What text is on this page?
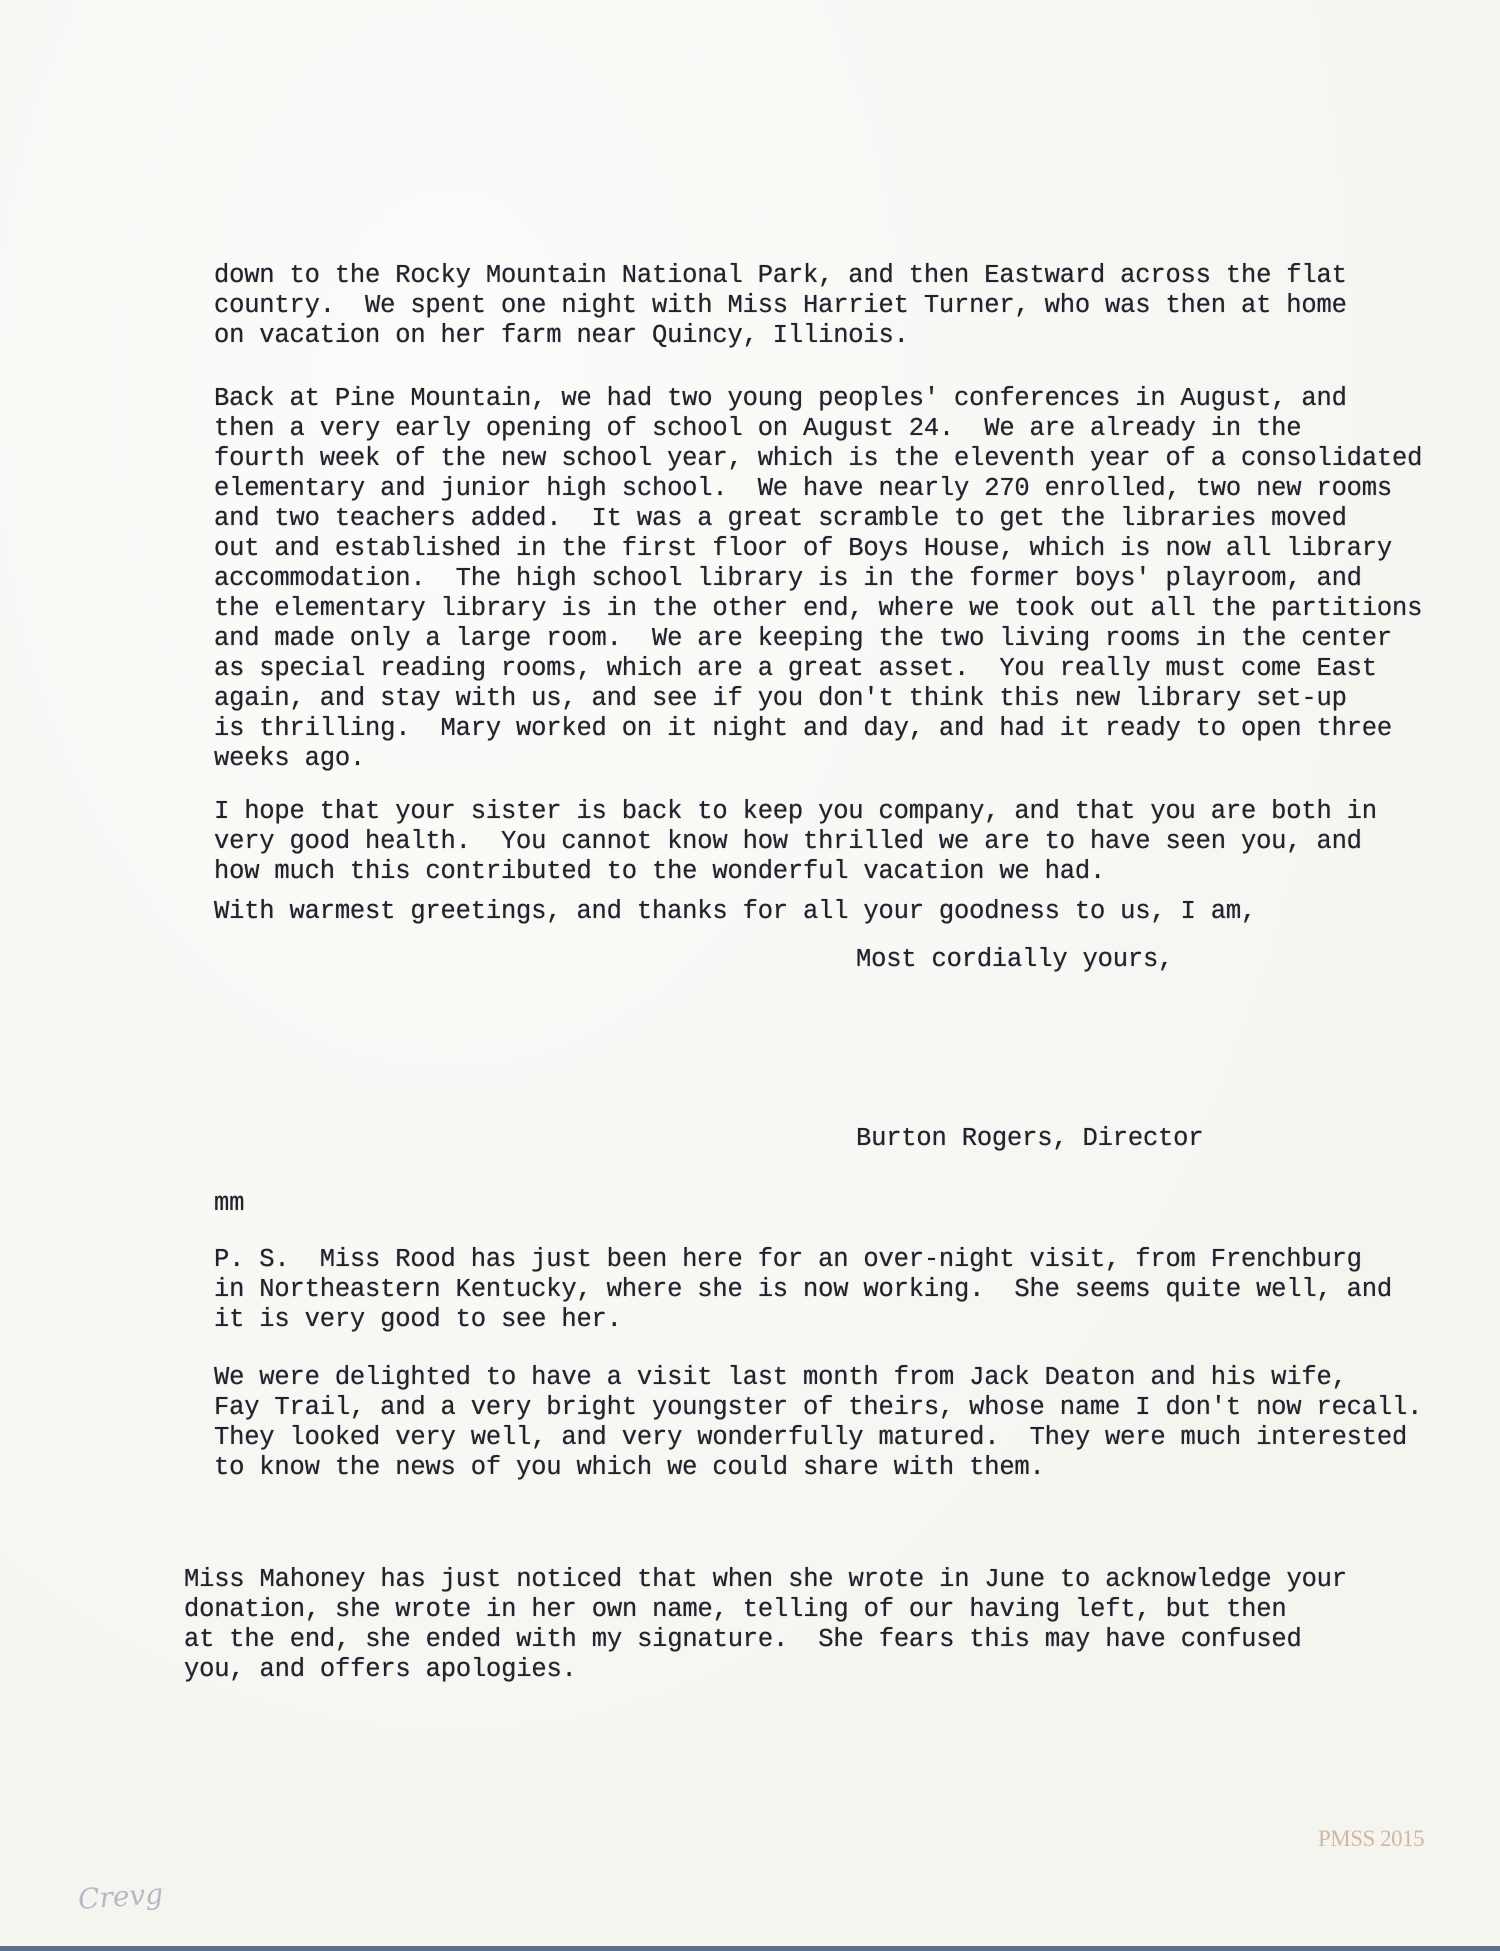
down to the Rocky Mountain National Park, and then Eastward across the flat
country.  We spent one night with Miss Harriet Turner, who was then at home
on vacation on her farm near Quincy, Illinois.
Back at Pine Mountain, we had two young peoples' conferences in August, and
then a very early opening of school on August 24.  We are already in the
fourth week of the new school year, which is the eleventh year of a consolidated
elementary and junior high school.  We have nearly 270 enrolled, two new rooms
and two teachers added.  It was a great scramble to get the libraries moved
out and established in the first floor of Boys House, which is now all library
accommodation.  The high school library is in the former boys' playroom, and
the elementary library is in the other end, where we took out all the partitions
and made only a large room.  We are keeping the two living rooms in the center
as special reading rooms, which are a great asset.  You really must come East
again, and stay with us, and see if you don't think this new library set-up
is thrilling.  Mary worked on it night and day, and had it ready to open three
weeks ago.
I hope that your sister is back to keep you company, and that you are both in
very good health.  You cannot know how thrilled we are to have seen you, and
how much this contributed to the wonderful vacation we had.
With warmest greetings, and thanks for all your goodness to us, I am,
Most cordially yours,
Burton Rogers, Director
mm
P. S.  Miss Rood has just been here for an over-night visit, from Frenchburg
in Northeastern Kentucky, where she is now working.  She seems quite well, and
it is very good to see her.
We were delighted to have a visit last month from Jack Deaton and his wife,
Fay Trail, and a very bright youngster of theirs, whose name I don't now recall.
They looked very well, and very wonderfully matured.  They were much interested
to know the news of you which we could share with them.
Miss Mahoney has just noticed that when she wrote in June to acknowledge your
donation, she wrote in her own name, telling of our having left, but then
at the end, she ended with my signature.  She fears this may have confused
you, and offers apologies.
PMSS 2015
Crevg
